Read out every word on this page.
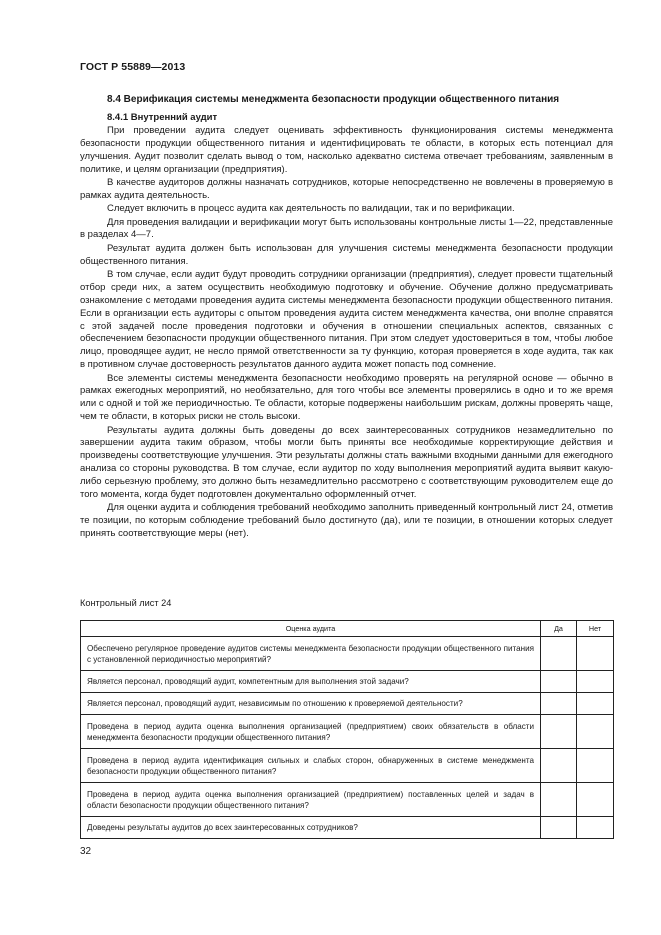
ГОСТ Р 55889—2013
8.4 Верификация системы менеджмента безопасности продукции общественного питания
8.4.1 Внутренний аудит

При проведении аудита следует оценивать эффективность функционирования системы менеджмента безопасности продукции общественного питания и идентифицировать те области, в которых есть потенциал для улучшения. Аудит позволит сделать вывод о том, насколько адекватно система отвечает требованиям, заявленным в политике, и целям организации (предприятия).

В качестве аудиторов должны назначать сотрудников, которые непосредственно не вовлечены в проверяемую в рамках аудита деятельность.

Следует включить в процесс аудита как деятельность по валидации, так и по верификации.

Для проведения валидации и верификации могут быть использованы контрольные листы 1—22, представленные в разделах 4—7.

Результат аудита должен быть использован для улучшения системы менеджмента безопасности продукции общественного питания.

В том случае, если аудит будут проводить сотрудники организации (предприятия), следует провести тщательный отбор среди них, а затем осуществить необходимую подготовку и обучение. Обучение должно предусматривать ознакомление с методами проведения аудита системы менеджмента безопасности продукции общественного питания. Если в организации есть аудиторы с опытом проведения аудита систем менеджмента качества, они вполне справятся с этой задачей после проведения подготовки и обучения в отношении специальных аспектов, связанных с обеспечением безопасности продукции общественного питания. При этом следует удостовериться в том, чтобы любое лицо, проводящее аудит, не несло прямой ответственности за ту функцию, которая проверяется в ходе аудита, так как в противном случае достоверность результатов данного аудита может попасть под сомнение.

Все элементы системы менеджмента безопасности необходимо проверять на регулярной основе — обычно в рамках ежегодных мероприятий, но необязательно, для того чтобы все элементы проверялись в одно и то же время или с одной и той же периодичностью. Те области, которые подвержены наибольшим рискам, должны проверять чаще, чем те области, в которых риски не столь высоки.

Результаты аудита должны быть доведены до всех заинтересованных сотрудников незамедлительно по завершении аудита таким образом, чтобы могли быть приняты все необходимые корректирующие действия и произведены соответствующие улучшения. Эти результаты должны стать важными входными данными для ежегодного анализа со стороны руководства. В том случае, если аудитор по ходу выполнения мероприятий аудита выявит какую-либо серьезную проблему, это должно быть незамедлительно рассмотрено с соответствующим руководителем еще до того момента, когда будет подготовлен документально оформленный отчет.

Для оценки аудита и соблюдения требований необходимо заполнить приведенный контрольный лист 24, отметив те позиции, по которым соблюдение требований было достигнуто (да), или те позиции, в отношении которых следует принять соответствующие меры (нет).

Контрольный лист 24
Оценка аудита	Да	Нет
Обеспечено регулярное проведение аудитов системы менеджмента безопасности продукции общественного питания с установленной периодичностью мероприятий?		
Является персонал, проводящий аудит, компетентным для выполнения этой задачи?		
Является персонал, проводящий аудит, независимым по отношению к проверяемой деятельности?		
Проведена в период аудита оценка выполнения организацией (предприятием) своих обязательств в области менеджмента безопасности продукции общественного питания?		
Проведена в период аудита идентификация сильных и слабых сторон, обнаруженных в системе менеджмента безопасности продукции общественного питания?		
Проведена в период аудита оценка выполнения организацией (предприятием) поставленных целей и задач в области безопасности продукции общественного питания?		
Доведены результаты аудитов до всех заинтересованных сотрудников?		
32
